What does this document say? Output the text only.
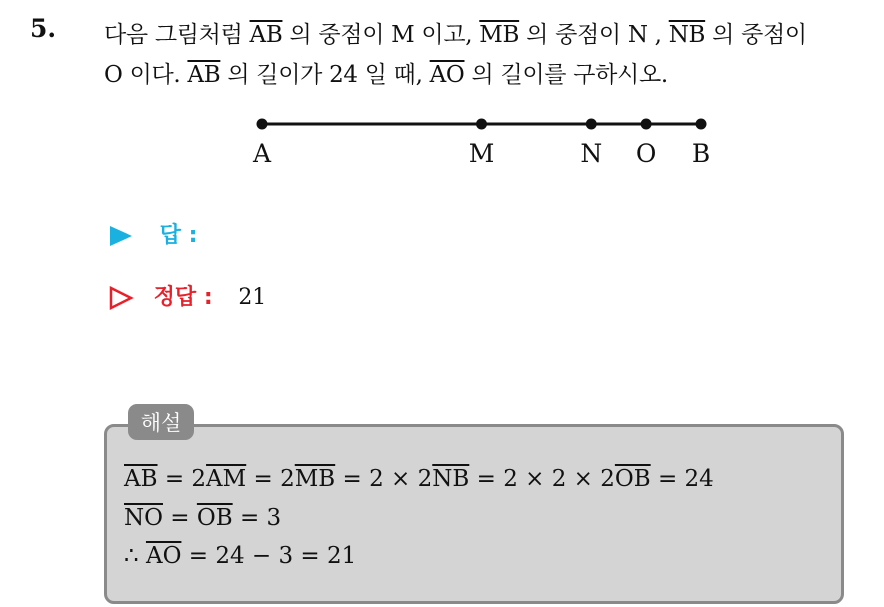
5. 다음 그림처럼 $\overline{AB}$ 의 중점이 M 이고, $\overline{MB}$ 의 중점이 N , $\overline{NB}$ 의 중점이
O 이다. $\overline{AB}$ 의 길이가 24 일 때, $\overline{AO}$ 의 길이를 구하시오.
A	M	N O B
답 :
정답 : 21
해설
$\overline{AB} = 2\overline{AM} = 2\overline{MB} = 2 \times 2\overline{NB} = 2 \times 2 \times 2\overline{OB} = 24$
$\overline{NO} = \overline{OB} = 3$
∴ $\overline{AO} = 24 - 3 = 21$
